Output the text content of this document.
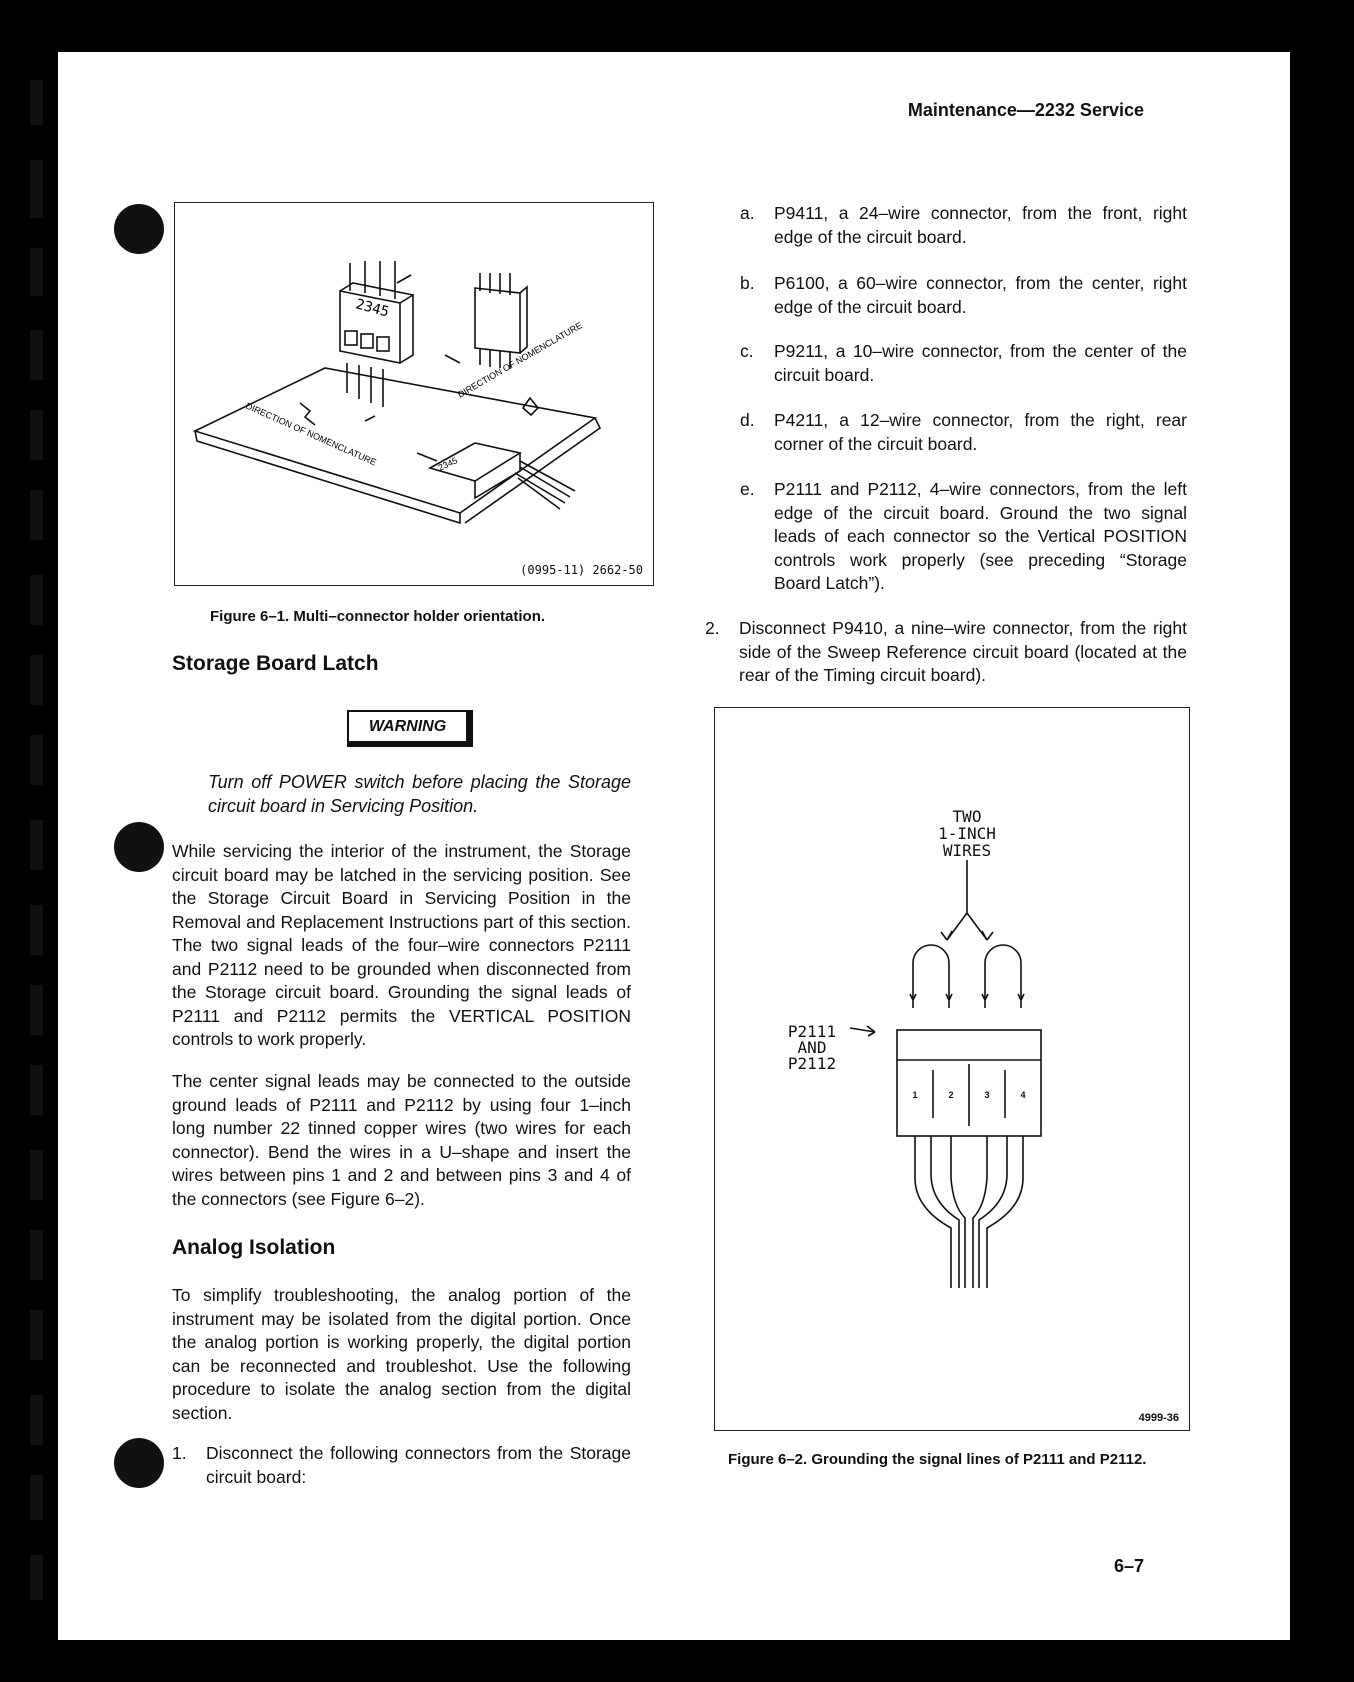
Maintenance—2232 Service
2345
DIRECTION OF NOMENCLATURE
DIRECTION OF NOMENCLATURE
2345
(0995-11) 2662-50
Figure 6–1. Multi–connector holder orientation.
Storage Board Latch
WARNING
Turn off POWER switch before placing the Storage circuit board in Servicing Position.
While servicing the interior of the instrument, the Storage circuit board may be latched in the servicing position. See the Storage Circuit Board in Servicing Position in the Removal and Replacement Instructions part of this section. The two signal leads of the four–wire connectors P2111 and P2112 need to be grounded when disconnected from the Storage circuit board. Grounding the signal leads of P2111 and P2112 permits the VERTICAL POSITION controls to work properly.
The center signal leads may be connected to the outside ground leads of P2111 and P2112 by using four 1–inch long number 22 tinned copper wires (two wires for each connector). Bend the wires in a U–shape and insert the wires between pins 1 and 2 and between pins 3 and 4 of the connectors (see Figure 6–2).
Analog Isolation
To simplify troubleshooting, the analog portion of the instrument may be isolated from the digital portion. Once the analog portion is working properly, the digital portion can be reconnected and troubleshot. Use the following procedure to isolate the analog section from the digital section.
1. Disconnect the following connectors from the Storage circuit board:
a. P9411, a 24–wire connector, from the front, right edge of the circuit board.
b. P6100, a 60–wire connector, from the center, right edge of the circuit board.
c. P9211, a 10–wire connector, from the center of the circuit board.
d. P4211, a 12–wire connector, from the right, rear corner of the circuit board.
e. P2111 and P2112, 4–wire connectors, from the left edge of the circuit board. Ground the two signal leads of each connector so the Vertical POSITION controls work properly (see preceding “Storage Board Latch”).
2. Disconnect P9410, a nine–wire connector, from the right side of the Sweep Reference circuit board (located at the rear of the Timing circuit board).
TWO
1-INCH
WIRES
P2111
AND
P2112
1	2	3	4
4999-36
Figure 6–2. Grounding the signal lines of P2111 and P2112.
6–7
